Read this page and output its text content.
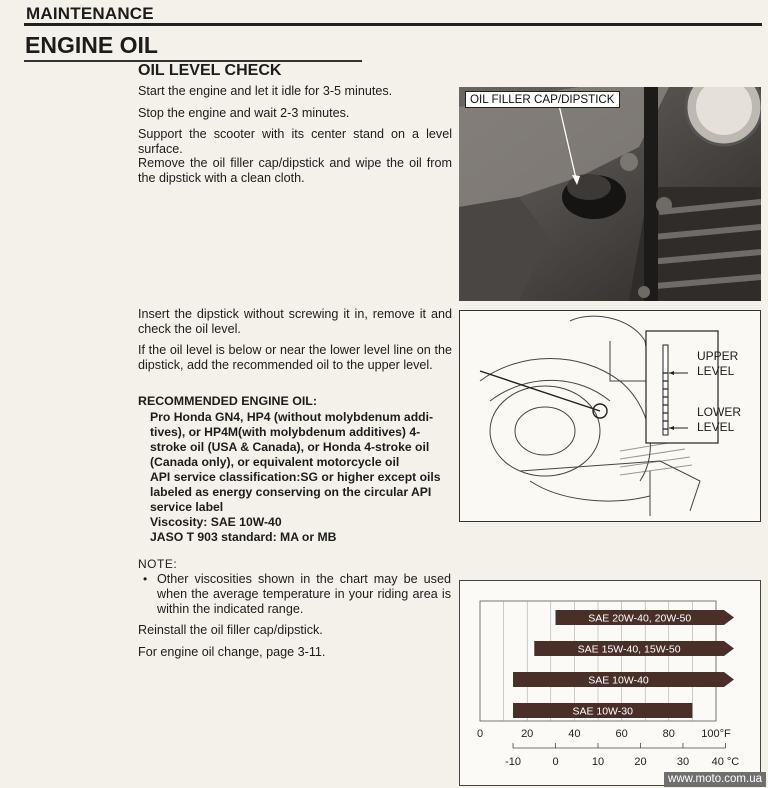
MAINTENANCE
ENGINE OIL
OIL LEVEL CHECK
Start the engine and let it idle for 3-5 minutes.
Stop the engine and wait 2-3 minutes.
Support the scooter with its center stand on a level surface.
Remove the oil filler cap/dipstick and wipe the oil from the dipstick with a clean cloth.
Insert the dipstick without screwing it in, remove it and check the oil level.
If the oil level is below or near the lower level line on the dipstick, add the recommended oil to the upper level.
RECOMMENDED ENGINE OIL:
Pro Honda GN4, HP4 (without molybdenum addi-
tives), or HP4M(with molybdenum additives) 4-
stroke oil (USA & Canada), or Honda 4-stroke oil
(Canada only), or equivalent motorcycle oil
API service classification:SG or higher except oils
labeled as energy conserving on the circular API
service label
Viscosity: SAE 10W-40
JASO T 903 standard: MA or MB
NOTE:
• Other viscosities shown in the chart may be used when the average temperature in your riding area is within the indicated range.
Reinstall the oil filler cap/dipstick.
For engine oil change, page 3-11.
OIL FILLER CAP/DIPSTICK
UPPER
LEVEL
LOWER
LEVEL
SAE 20W-40, 20W-50
SAE 15W-40, 15W-50
SAE 10W-40
SAE 10W-30
0	20	40	60	80 100°F
-10	0	10	20	30 40 °C
www.moto.com.ua
